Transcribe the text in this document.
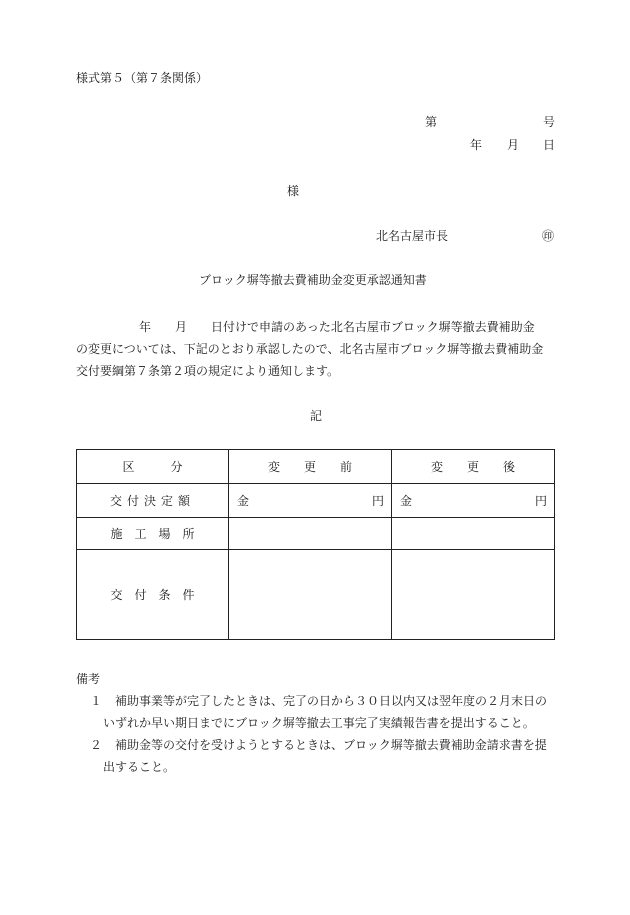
様式第５（第７条関係）
第	号
年 月 日
様
北名古屋市長	㊞
ブロック塀等撤去費補助金変更承認通知書
年 月 日付けで申請のあった北名古屋市ブロック塀等撤去費補助金
の変更については、下記のとおり承認したので、北名古屋市ブロック塀等撤去費補助金
交付要綱第７条第２項の規定により通知します。
記
区　　　分	変　　更　　前	変　　更　　後
交付決定額	金 円	金 円

施　工　場　所		
交　付　条　件		
備考
１	補助事業等が完了したときは、完了の日から３０日以内又は翌年度の２月末日の
いずれか早い期日までにブロック塀等撤去工事完了実績報告書を提出すること。
２	補助金等の交付を受けようとするときは、ブロック塀等撤去費補助金請求書を提
出すること。
